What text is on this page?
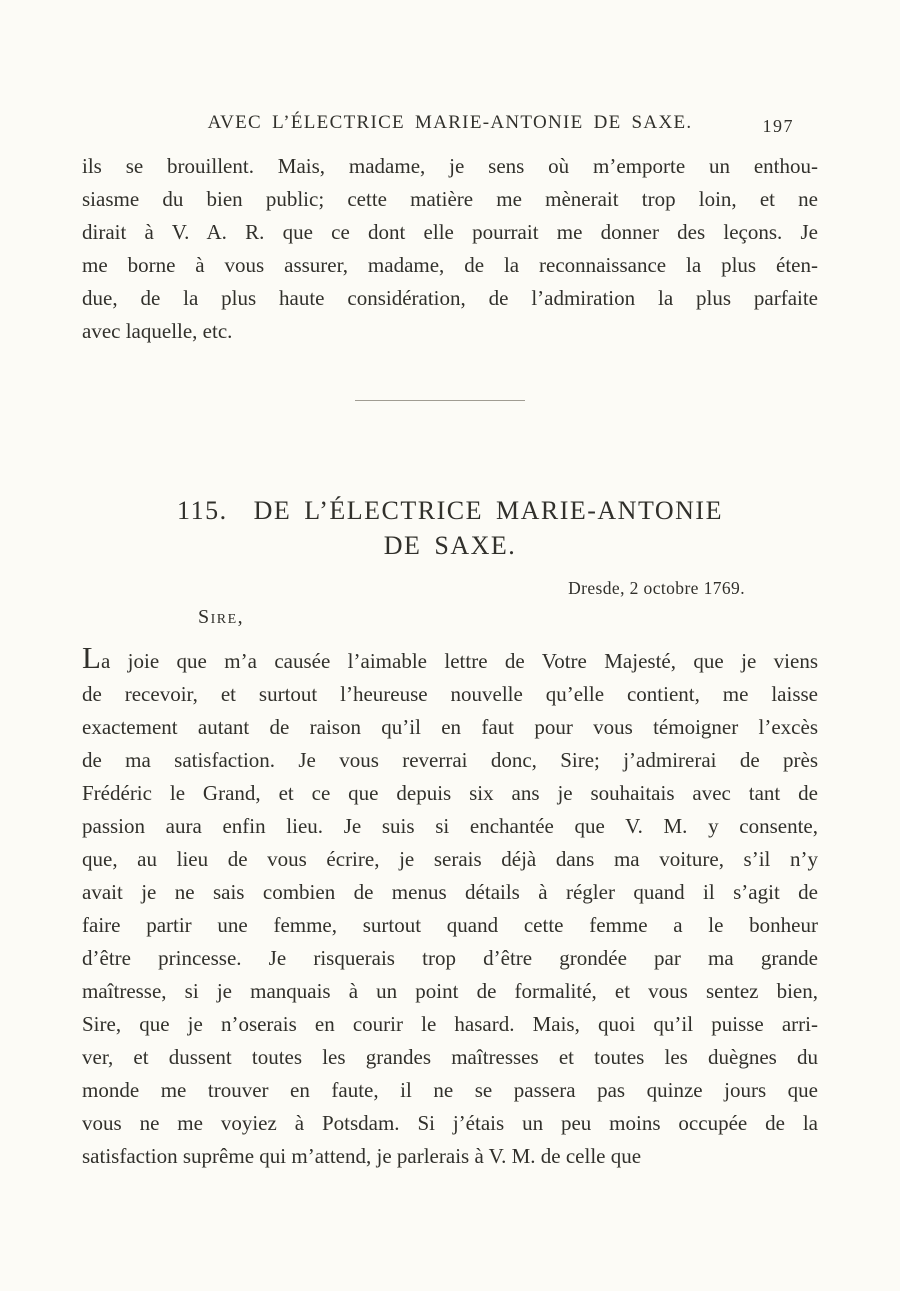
AVEC L’ÉLECTRICE MARIE-ANTONIE DE SAXE.	197
ils se brouillent. Mais, madame, je sens où m’emporte un enthou-
siasme du bien public; cette matière me mènerait trop loin, et ne
dirait à V. A. R. que ce dont elle pourrait me donner des leçons. Je
me borne à vous assurer, madame, de la reconnaissance la plus éten-
due, de la plus haute considération, de l’admiration la plus parfaite
avec laquelle, etc.
115.  DE L’ÉLECTRICE MARIE-ANTONIE
DE SAXE.
Dresde, 2 octobre 1769.
Sire,
La joie que m’a causée l’aimable lettre de Votre Majesté, que je viens
de recevoir, et surtout l’heureuse nouvelle qu’elle contient, me laisse
exactement autant de raison qu’il en faut pour vous témoigner l’excès
de ma satisfaction. Je vous reverrai donc, Sire; j’admirerai de près
Frédéric le Grand, et ce que depuis six ans je souhaitais avec tant de
passion aura enfin lieu. Je suis si enchantée que V. M. y consente,
que, au lieu de vous écrire, je serais déjà dans ma voiture, s’il n’y
avait je ne sais combien de menus détails à régler quand il s’agit de
faire partir une femme, surtout quand cette femme a le bonheur
d’être princesse. Je risquerais trop d’être grondée par ma grande
maîtresse, si je manquais à un point de formalité, et vous sentez bien,
Sire, que je n’oserais en courir le hasard. Mais, quoi qu’il puisse arri-
ver, et dussent toutes les grandes maîtresses et toutes les duègnes du
monde me trouver en faute, il ne se passera pas quinze jours que
vous ne me voyiez à Potsdam. Si j’étais un peu moins occupée de la
satisfaction suprême qui m’attend, je parlerais à V. M. de celle que
